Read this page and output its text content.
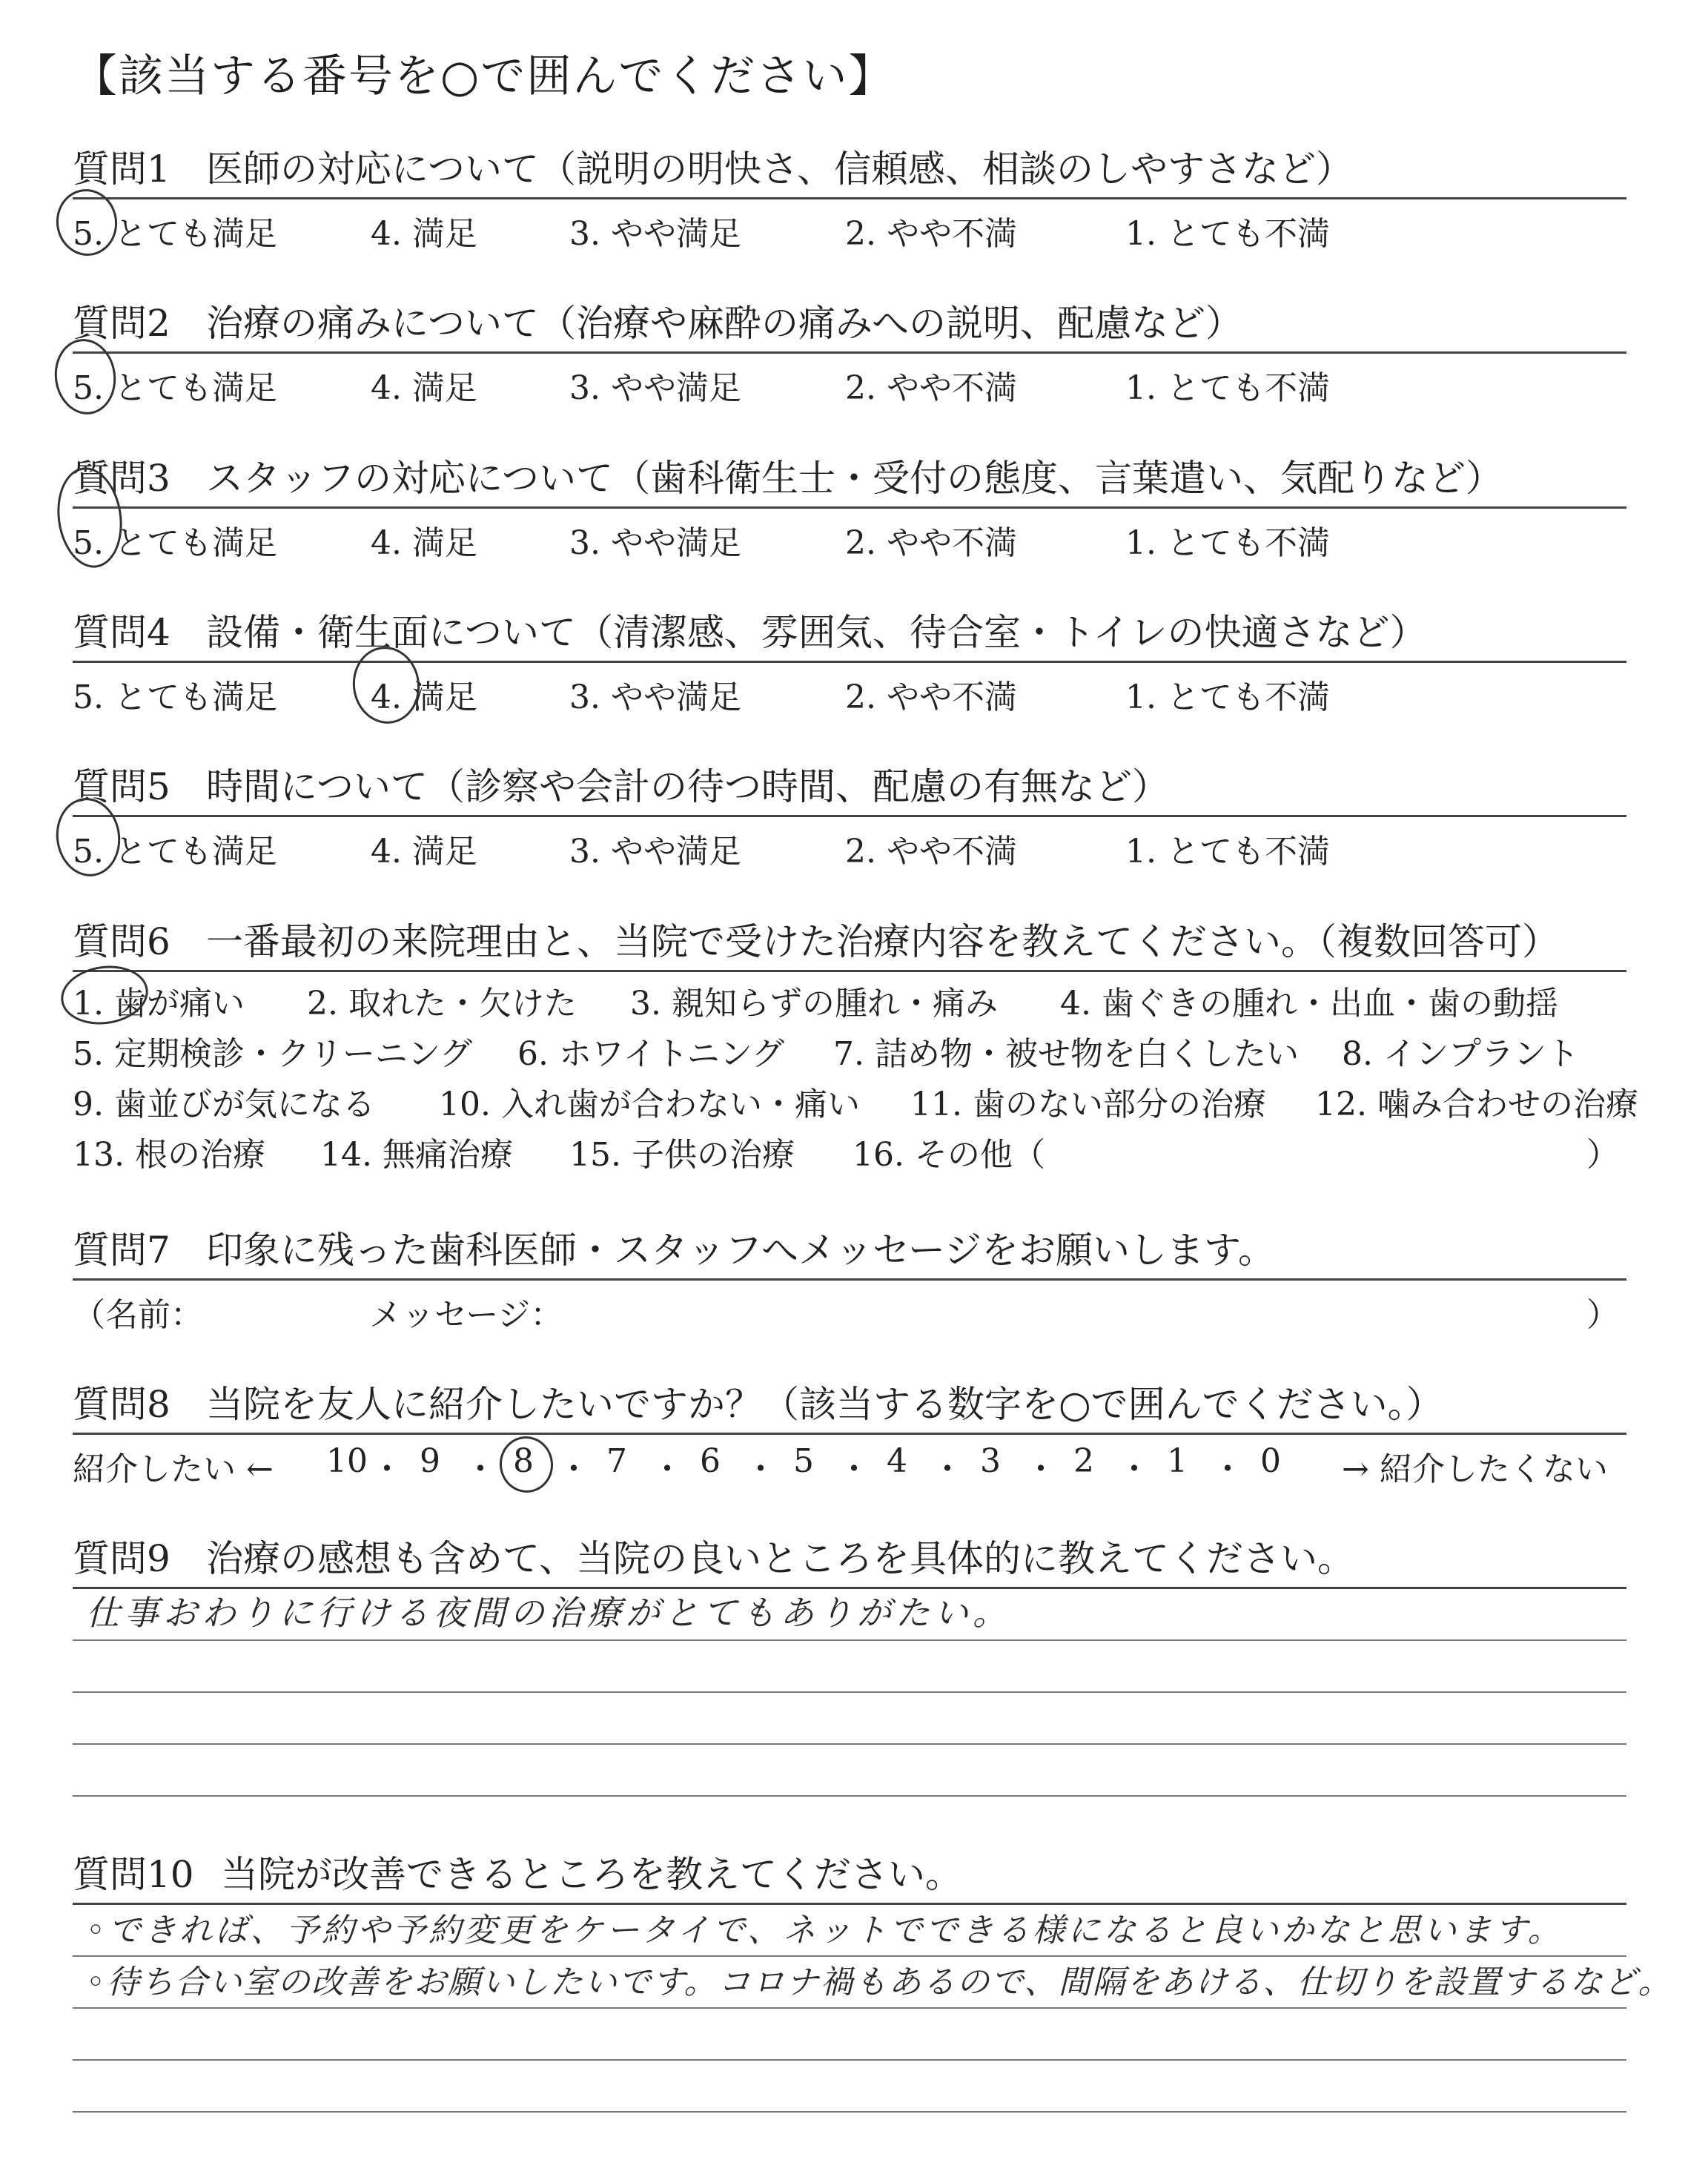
【該当する番号を○で囲んでください】
質問1 医師の対応について（説明の明快さ、信頼感、相談のしやすさなど）
5. とても満足	4. 満足	3. やや満足	2. やや不満	1. とても不満
質問2 治療の痛みについて（治療や麻酔の痛みへの説明、配慮など）
5. とても満足	4. 満足	3. やや満足	2. やや不満	1. とても不満
質問3 スタッフの対応について（歯科衛生士・受付の態度、言葉遣い、気配りなど）
5. とても満足	4. 満足	3. やや満足	2. やや不満	1. とても不満
質問4 設備・衛生面について（清潔感、雰囲気、待合室・トイレの快適さなど）
5. とても満足	4. 満足	3. やや満足	2. やや不満	1. とても不満
質問5 時間について（診察や会計の待つ時間、配慮の有無など）
5. とても満足	4. 満足	3. やや満足	2. やや不満	1. とても不満
質問6 一番最初の来院理由と、当院で受けた治療内容を教えてください。（複数回答可）
1. 歯が痛い 2. 取れた・欠けた 3. 親知らずの腫れ・痛み 4. 歯ぐきの腫れ・出血・歯の動揺
5. 定期検診・クリーニング 6. ホワイトニング 7. 詰め物・被せ物を白くしたい 8. インプラント
9. 歯並びが気になる 10. 入れ歯が合わない・痛い 11. 歯のない部分の治療 12. 噛み合わせの治療
13. 根の治療 14. 無痛治療 15. 子供の治療 16. その他（	）
質問7 印象に残った歯科医師・スタッフへメッセージをお願いします。
（名前：	メッセージ：	）
質問8 当院を友人に紹介したいですか？（該当する数字を○で囲んでください。）
紹介したい ←	→ 紹介したくない
10 ・ 9 ・ 8 ・ 7 ・ 6 ・ 5 ・ 4 ・ 3 ・ 2 ・ 1 ・ 0
質問9 治療の感想も含めて、当院の良いところを具体的に教えてください。
仕事おわりに行ける夜間の治療がとてもありがたい。
質問10 当院が改善できるところを教えてください。
◦できれば、予約や予約変更をケータイで、ネットでできる様になると良いかなと思います。
◦待ち合い室の改善をお願いしたいです。コロナ禍もあるので、間隔をあける、仕切りを設置するなど。
